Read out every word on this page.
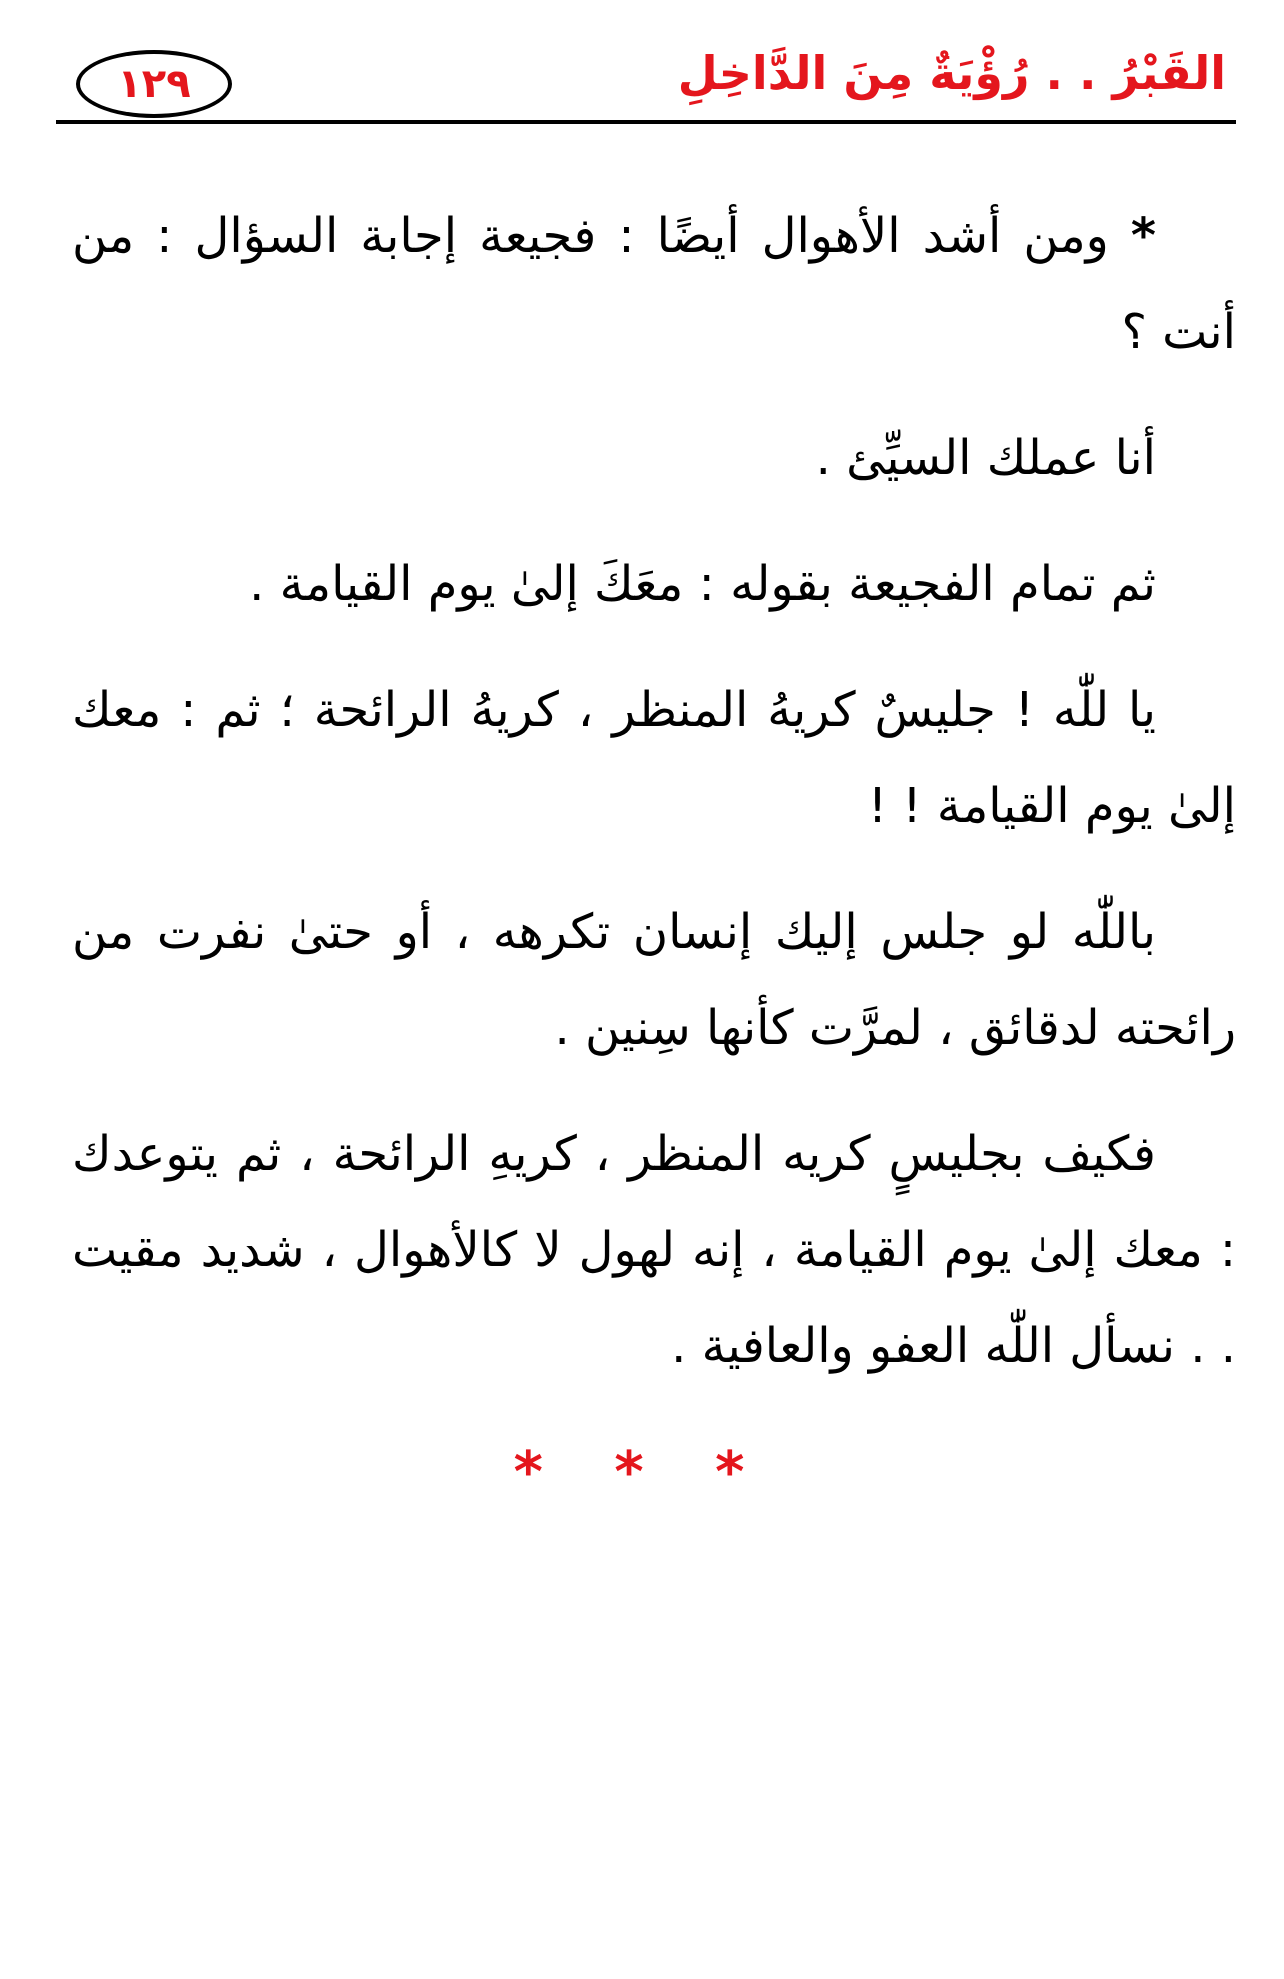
١٢٩	القَبْرُ . . رُؤْيَةٌ مِنَ الدَّاخِلِ

* ومن أشد الأهوال أيضًا : فجيعة إجابة السؤال : من أنت ؟

أنا عملك السيِّئ .

ثم تمام الفجيعة بقوله : معَكَ إلىٰ يوم القيامة .

يا للّٰه ! جليسٌ كريهُ المنظر ، كريهُ الرائحة ؛ ثم : معك إلىٰ يوم القيامة ! !

باللّٰه لو جلس إليك إنسان تكرهه ، أو حتىٰ نفرت من رائحته لدقائق ، لمرَّت كأنها سِنين .

فكيف بجليسٍ كريه المنظر ، كريهِ الرائحة ، ثم يتوعدك : معك إلىٰ يوم القيامة ، إنه لهول لا كالأهوال ، شديد مقيت . . نسأل اللّٰه العفو والعافية .

* * *
